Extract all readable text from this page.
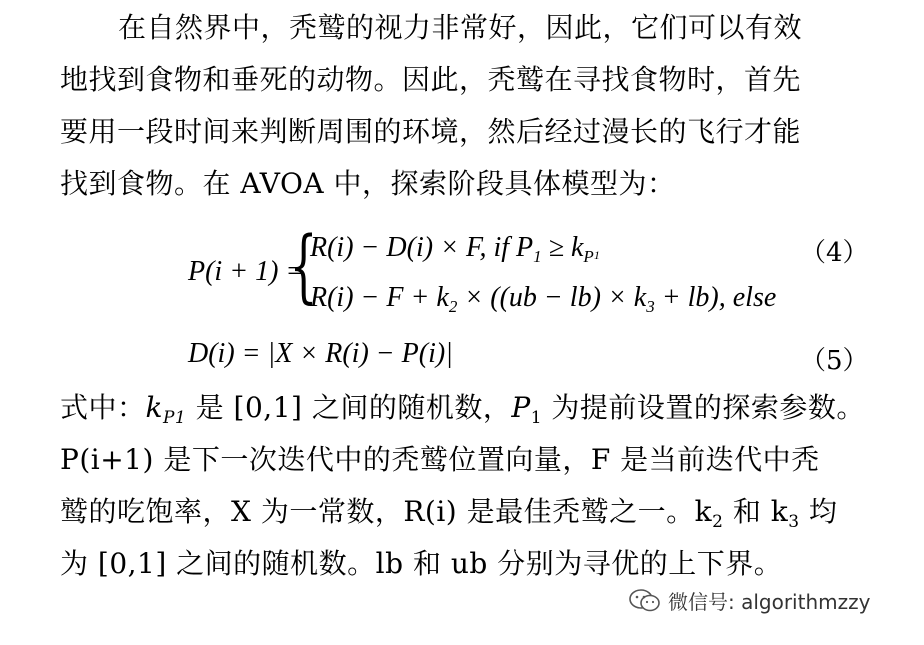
在自然界中，秃鹫的视力非常好，因此，它们可以有效
地找到食物和垂死的动物。因此，秃鹫在寻找食物时，首先
要用一段时间来判断周围的环境，然后经过漫长的飞行才能
找到食物。在 AVOA 中，探索阶段具体模型为：
P(i + 1) =
{
R(i) − D(i) × F, if $P_1 \ge k_P1$
$R(i) - F + k_2 \times ((ub - lb) \times k_3 + lb)$, else
（4）
D(i) = |X × R(i) − P(i)|	（5）
式中：$k_{P1}$ 是 [0,1] 之间的随机数，$P_1$ 为提前设置的探索参数。
P(i+1) 是下一次迭代中的秃鹫位置向量，F 是当前迭代中秃
鹫的吃饱率，X 为一常数，R(i) 是最佳秃鹫之一。$k_2$ 和 $k_3$ 均
为 [0,1] 之间的随机数。lb 和 ub 分别为寻优的上下界。
微信号: algorithmzzy
